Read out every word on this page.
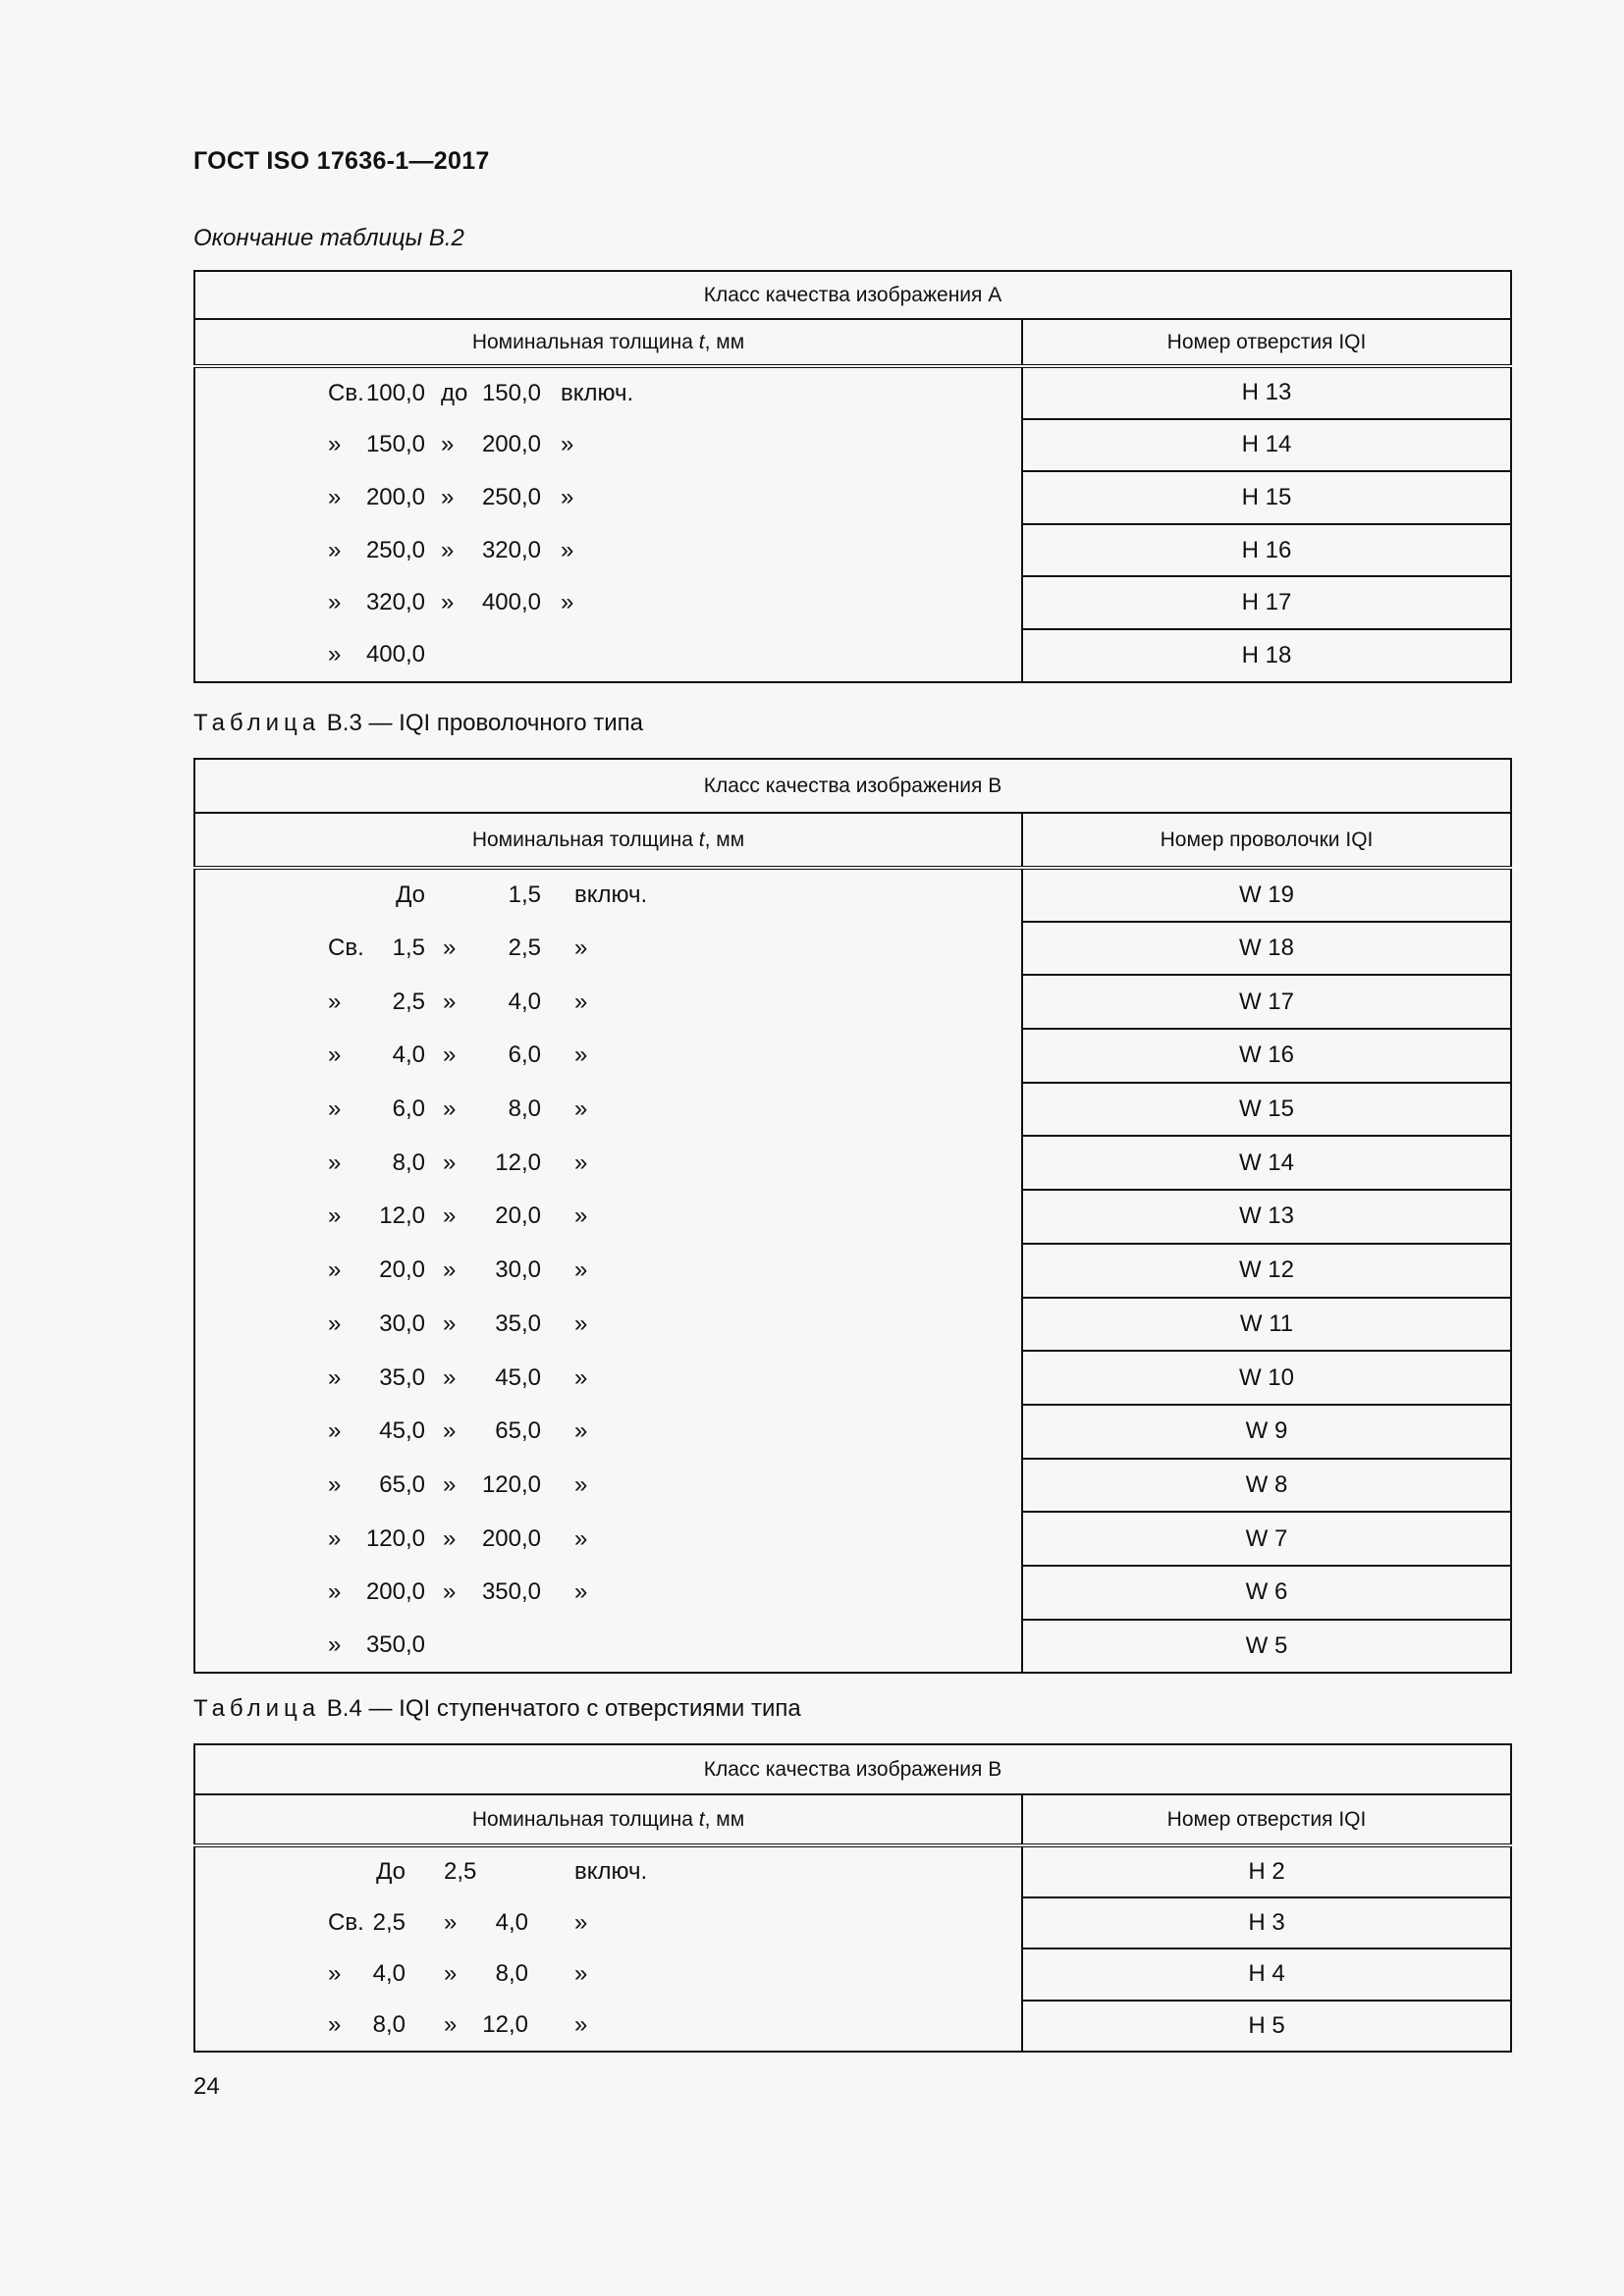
ГОСТ ISO 17636-1—2017
Окончание таблицы В.2
Класс качества изображения А	
Номинальная толщина t, мм	Номер отверстия IQI

Св. 100,0 до 150,0 включ.	H 13

» 150,0 » 200,0 »	H 14

» 200,0 » 250,0 »	H 15

» 250,0 » 320,0 »	H 16

» 320,0 » 400,0 »	H 17

» 400,0	H 18
Таблица В.3 — IQI проволочного типа
Класс качества изображения В	
Номинальная толщина t, мм	Номер проволочки IQI

До 1,5 включ.	W 19

Св. 1,5 » 2,5 »	W 18

» 2,5 » 4,0 »	W 17

» 4,0 » 6,0 »	W 16

» 6,0 » 8,0 »	W 15

» 8,0 » 12,0 »	W 14

» 12,0 » 20,0 »	W 13

» 20,0 » 30,0 »	W 12

» 30,0 » 35,0 »	W 11

» 35,0 » 45,0 »	W 10

» 45,0 » 65,0 »	W 9

» 65,0 » 120,0 »	W 8

» 120,0 » 200,0 »	W 7

» 200,0 » 350,0 »	W 6

» 350,0	W 5
Таблица В.4 — IQI ступенчатого с отверстиями типа
Класс качества изображения В	
Номинальная толщина t, мм	Номер отверстия IQI

До 2,5 включ.	H 2

Св. 2,5 » 4,0 »	H 3

» 4,0 » 8,0 »	H 4

» 8,0 » 12,0 »	H 5
24
